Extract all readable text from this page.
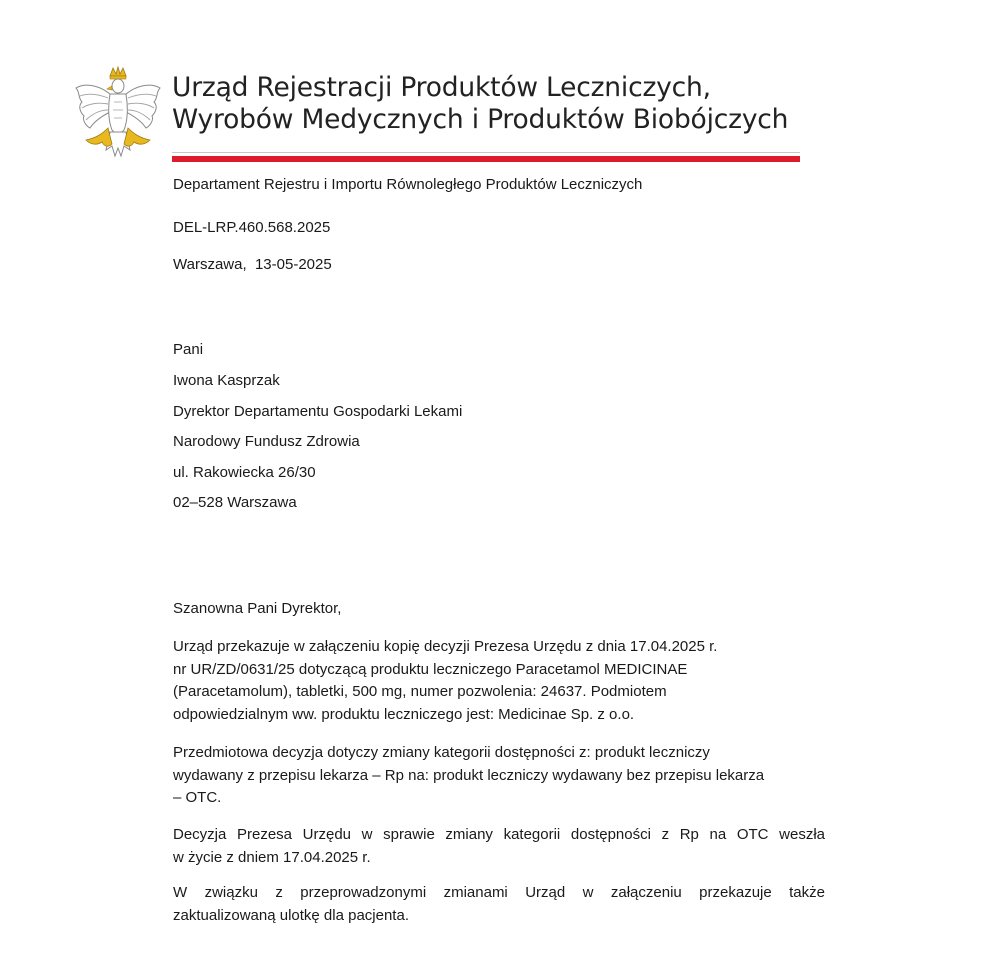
Urząd Rejestracji Produktów Leczniczych,
Wyrobów Medycznych i Produktów Biobójczych
Departament Rejestru i Importu Równoległego Produktów Leczniczych
DEL-LRP.460.568.2025
Warszawa,  13-05-2025
Pani
Iwona Kasprzak
Dyrektor Departamentu Gospodarki Lekami
Narodowy Fundusz Zdrowia
ul. Rakowiecka 26/30
02–528 Warszawa
Szanowna Pani Dyrektor,
Urząd przekazuje w załączeniu kopię decyzji Prezesa Urzędu z dnia 17.04.2025 r.
nr UR/ZD/0631/25 dotyczącą produktu leczniczego Paracetamol MEDICINAE
(Paracetamolum), tabletki, 500 mg, numer pozwolenia: 24637. Podmiotem
odpowiedzialnym ww. produktu leczniczego jest: Medicinae Sp. z o.o.
Przedmiotowa decyzja dotyczy zmiany kategorii dostępności z: produkt leczniczy
wydawany z przepisu lekarza – Rp na: produkt leczniczy wydawany bez przepisu lekarza
– OTC.
Decyzja Prezesa Urzędu w sprawie zmiany kategorii dostępności z Rp na OTC weszła
w życie z dniem 17.04.2025 r.
W związku z przeprowadzonymi zmianami Urząd w załączeniu przekazuje także
zaktualizowaną ulotkę dla pacjenta.
